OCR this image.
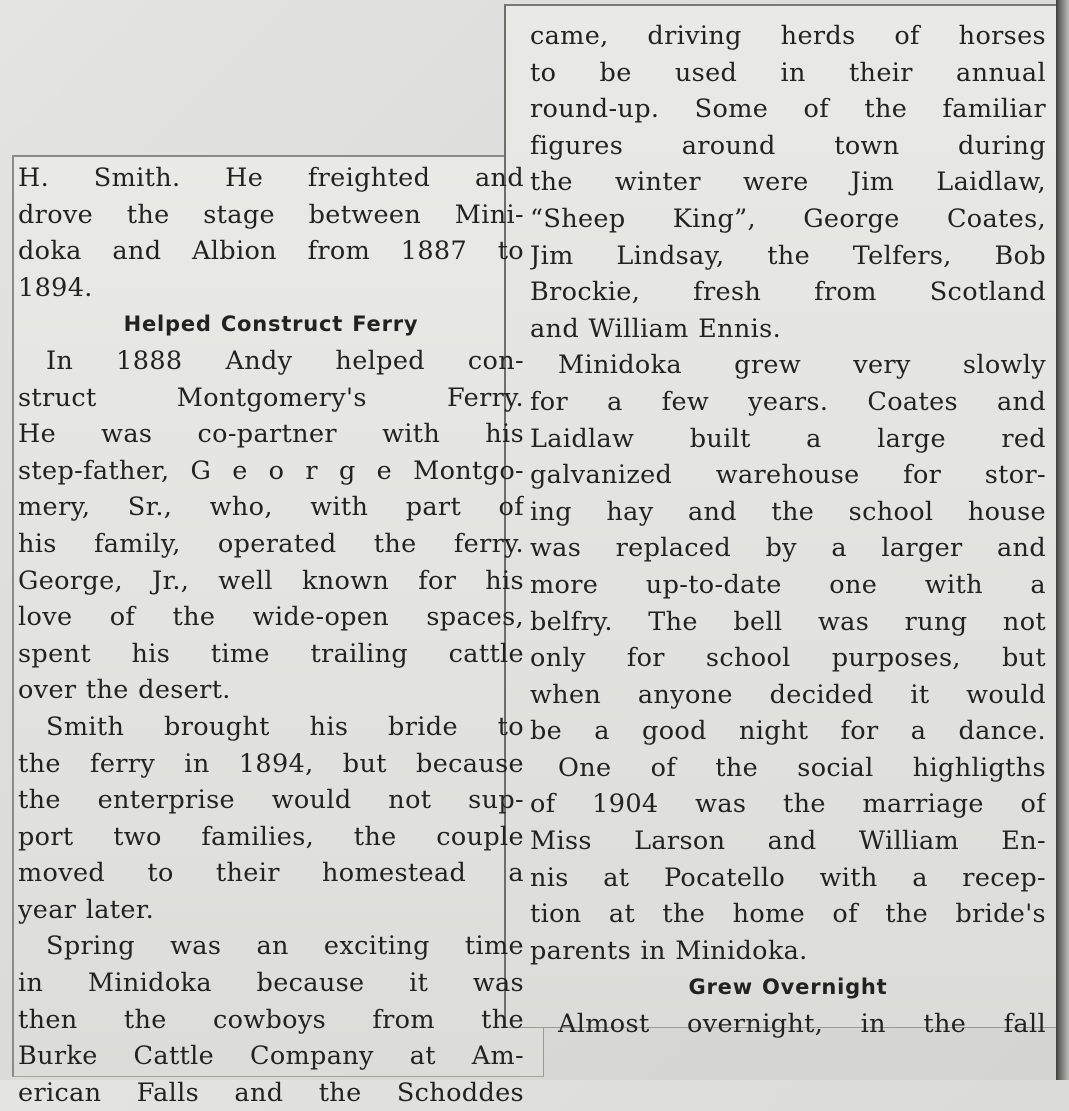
H. Smith. He freighted and
drove the stage between Mini-
doka and Albion from 1887 to
1894.
Helped Construct Ferry
In 1888 Andy helped con-
struct Montgomery's Ferry.
He was co-partner with his
step-father, G e o r g e Montgo-
mery, Sr., who, with part of
his family, operated the ferry.
George, Jr., well known for his
love of the wide-open spaces,
spent his time trailing cattle
over the desert.
Smith brought his bride to
the ferry in 1894, but because
the enterprise would not sup-
port two families, the couple
moved to their homestead a
year later.
Spring was an exciting time
in Minidoka because it was
then the cowboys from the
Burke Cattle Company at Am-
erican Falls and the Schoddes
came, driving herds of horses
to be used in their annual
round-up. Some of the familiar
figures around town during
the winter were Jim Laidlaw,
“Sheep King”, George Coates,
Jim Lindsay, the Telfers, Bob
Brockie, fresh from Scotland
and William Ennis.
Minidoka grew very slowly
for a few years. Coates and
Laidlaw built a large red
galvanized warehouse for stor-
ing hay and the school house
was replaced by a larger and
more up-to-date one with a
belfry. The bell was rung not
only for school purposes, but
when anyone decided it would
be a good night for a dance.
One of the social highligths
of 1904 was the marriage of
Miss Larson and William En-
nis at Pocatello with a recep-
tion at the home of the bride's
parents in Minidoka.
Grew Overnight
Almost overnight, in the fall
